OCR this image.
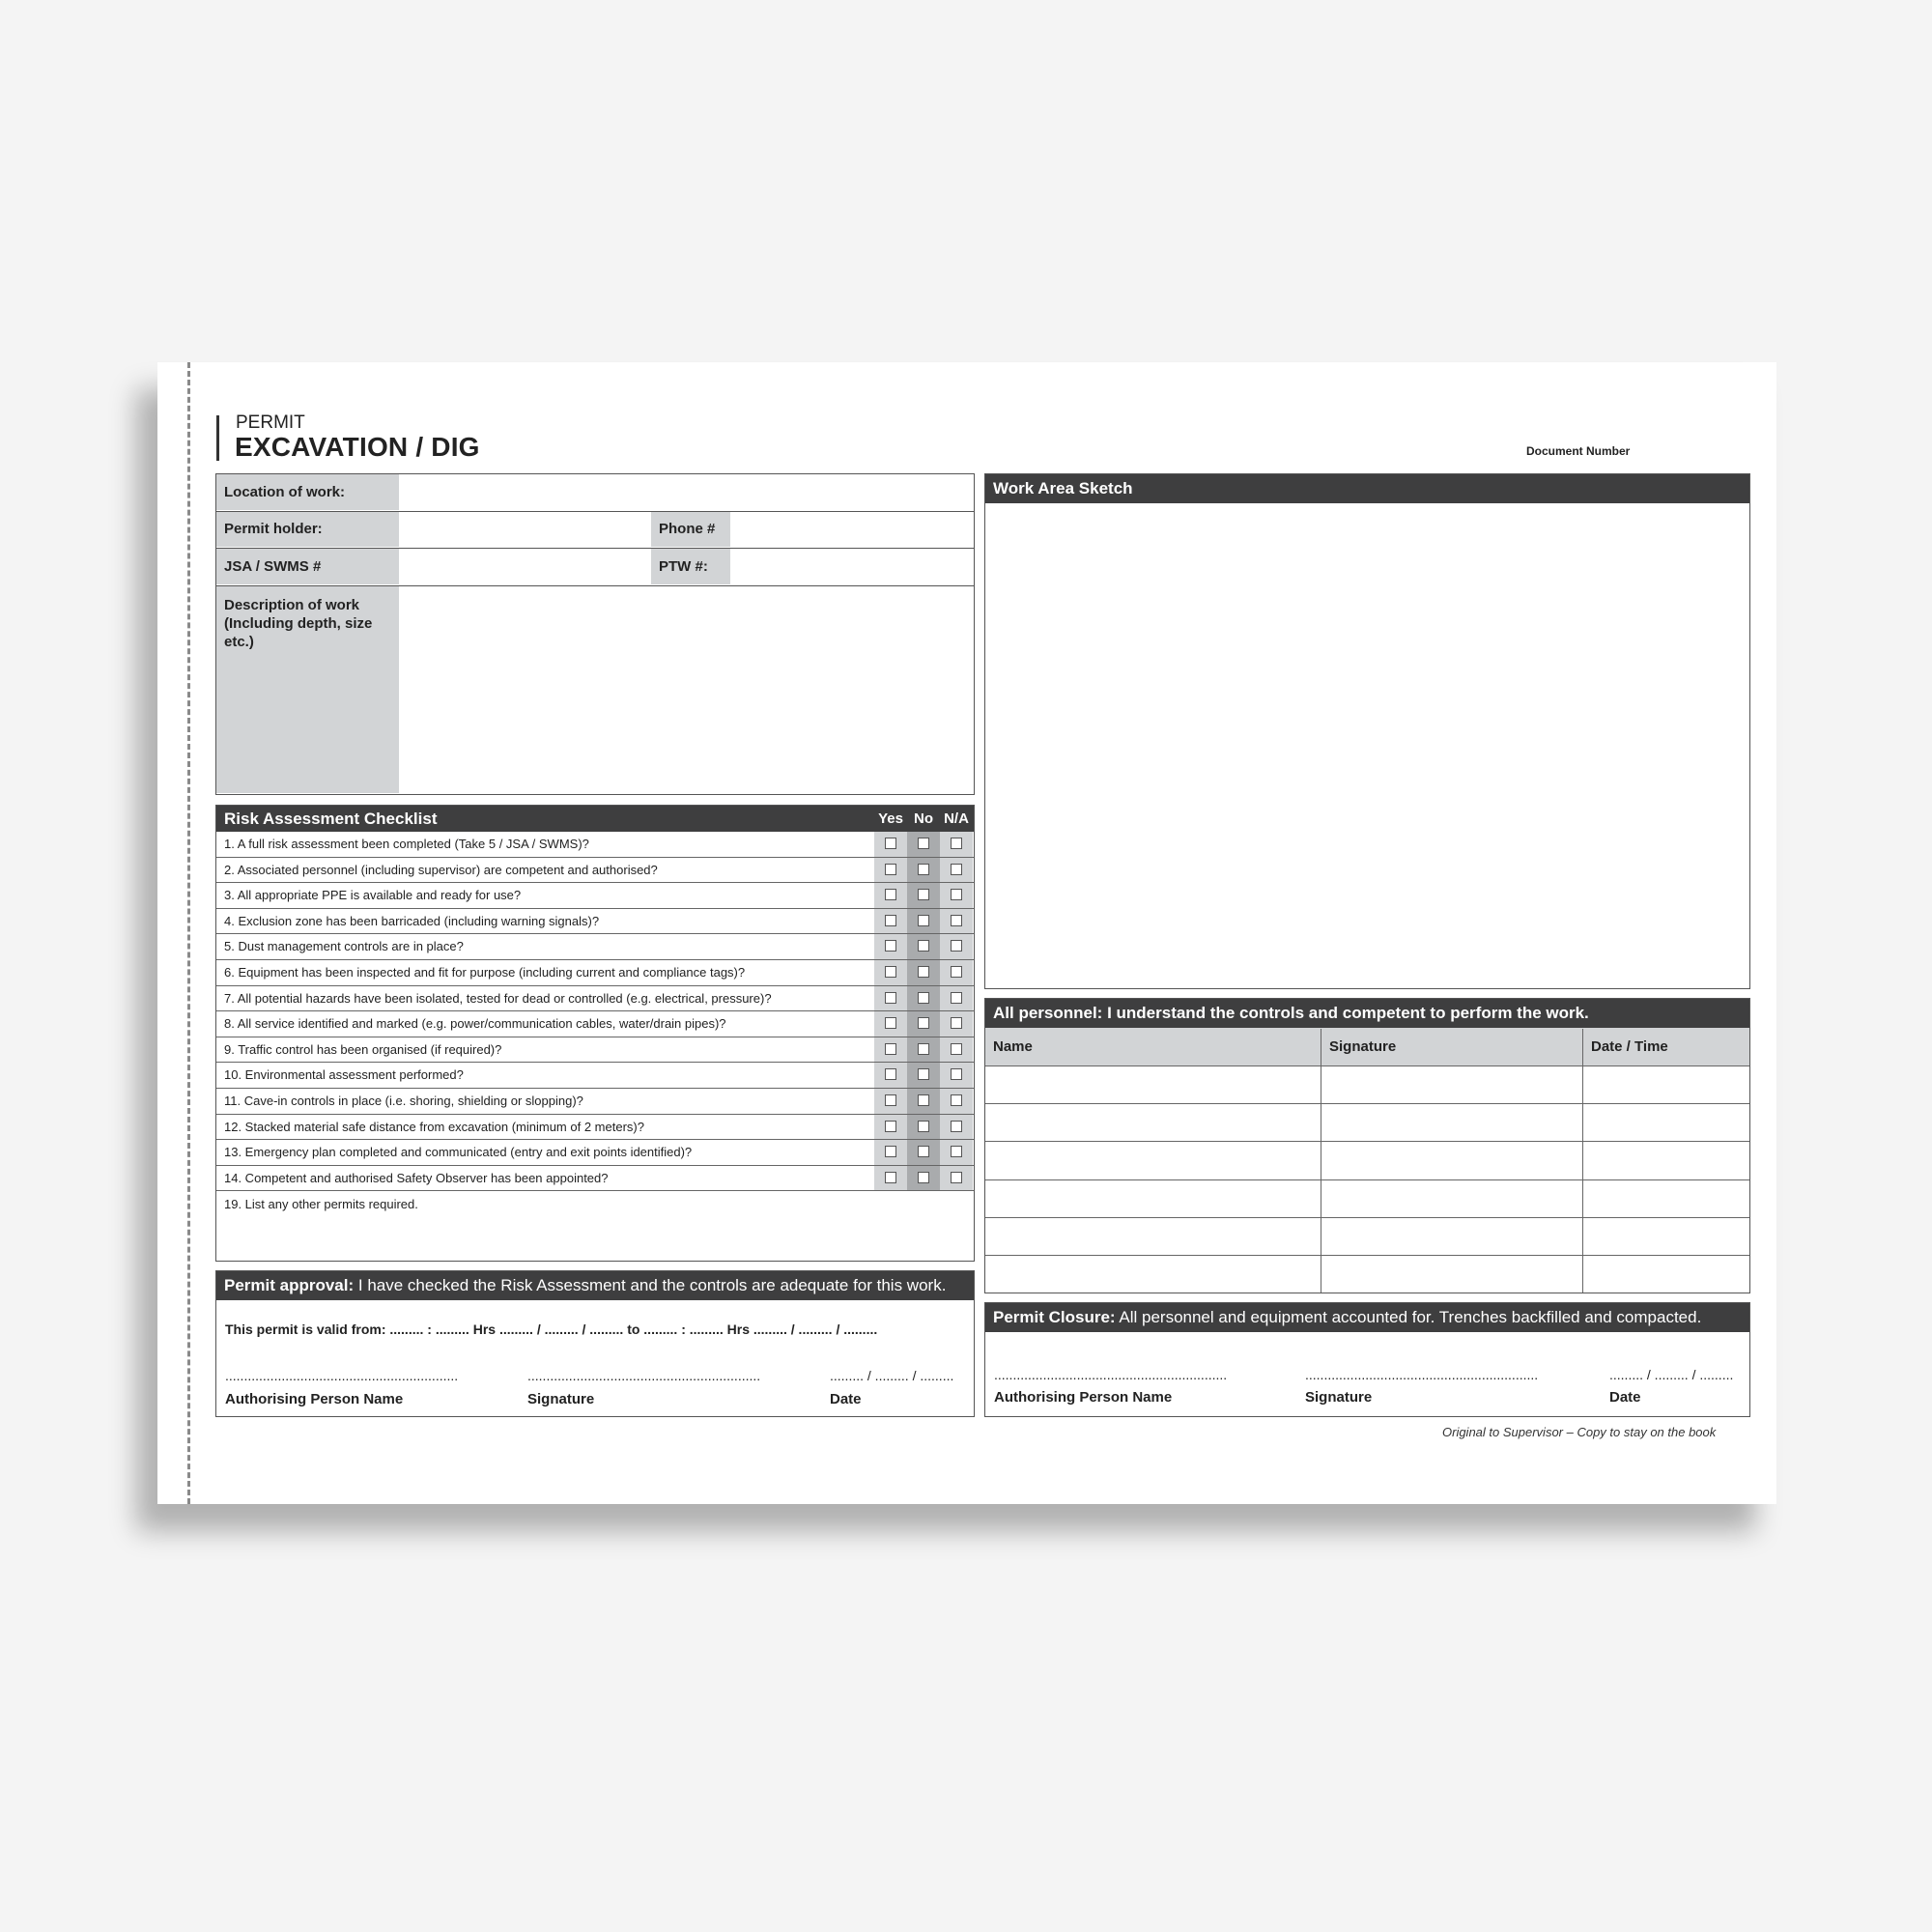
PERMIT
EXCAVATION / DIG	Document Number
Location of work:
Permit holder:	Phone #
JSA / SWMS #	PTW #:
Description of work (Including depth, size etc.)
Risk Assessment Checklist	Yes No N/A
1. A full risk assessment been completed (Take 5 / JSA / SWMS)?
2. Associated personnel (including supervisor) are competent and authorised?
3. All appropriate PPE is available and ready for use?
4. Exclusion zone has been barricaded (including warning signals)?
5. Dust management controls are in place?
6. Equipment has been inspected and fit for purpose (including current and compliance tags)?
7. All potential hazards have been isolated, tested for dead or controlled (e.g. electrical, pressure)?
8. All service identified and marked (e.g. power/communication cables, water/drain pipes)?
9. Traffic control has been organised (if required)?
10. Environmental assessment performed?
11. Cave-in controls in place (i.e. shoring, shielding or slopping)?
12. Stacked material safe distance from excavation (minimum of 2 meters)?
13. Emergency plan completed and communicated (entry and exit points identified)?
14. Competent and authorised Safety Observer has been appointed?
19. List any other permits required.
Permit approval: I have checked the Risk Assessment and the controls are adequate for this work.
This permit is valid from: ......... : ......... Hrs ......... / ......... / ......... to ......... : ......... Hrs ......... / ......... / .........
..............................................................	..............................................................	......... / ......... / .........
Authorising Person Name	Signature	Date
Work Area Sketch
All personnel: I understand the controls and competent to perform the work.
Name	Signature	Date / Time
Permit Closure: All personnel and equipment accounted for. Trenches backfilled and compacted.
..............................................................	..............................................................	......... / ......... / .........
Authorising Person Name	Signature	Date
Original to Supervisor – Copy to stay on the book
